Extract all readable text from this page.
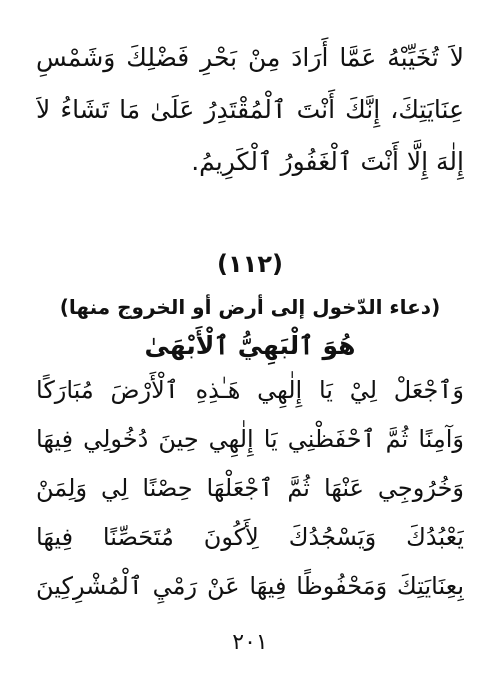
لاَ تُخَيِّبْهُ عَمَّا أَرَادَ مِنْ بَحْرِ فَضْلِكَ وَشَمْسِ
عِنَايَتِكَ، إِنَّكَ أَنْتَ ٱلْمُقْتَدِرُ عَلَىٰ مَا تَشَاءُ لاَ
إِلٰهَ إِلَّا أَنْتَ ٱلْغَفُورُ ٱلْكَرِيمُ.
(١١٢)
(دعاء الدّخول إلى أرض أو الخروج منها)
هُوَ ٱلْبَهِيُّ ٱلْأَبْهَىٰ
وَٱجْعَلْ لِيْ يَا إِلٰهِي هَـٰذِهِ ٱلْأَرْضَ مُبَارَكًا
وَآمِنًا ثُمَّ ٱحْفَظْنِي يَا إِلٰهِي حِينَ دُخُولِي فِيهَا
وَخُرُوجِي عَنْهَا ثُمَّ ٱجْعَلْهَا حِصْنًا لِي وَلِمَنْ
يَعْبُدُكَ وَيَسْجُدُكَ لِأَكُونَ مُتَحَصِّنًا فِيهَا
بِعِنَايَتِكَ وَمَحْفُوظًا فِيهَا عَنْ رَمْيِ ٱلْمُشْرِكِينَ
٢٠١
